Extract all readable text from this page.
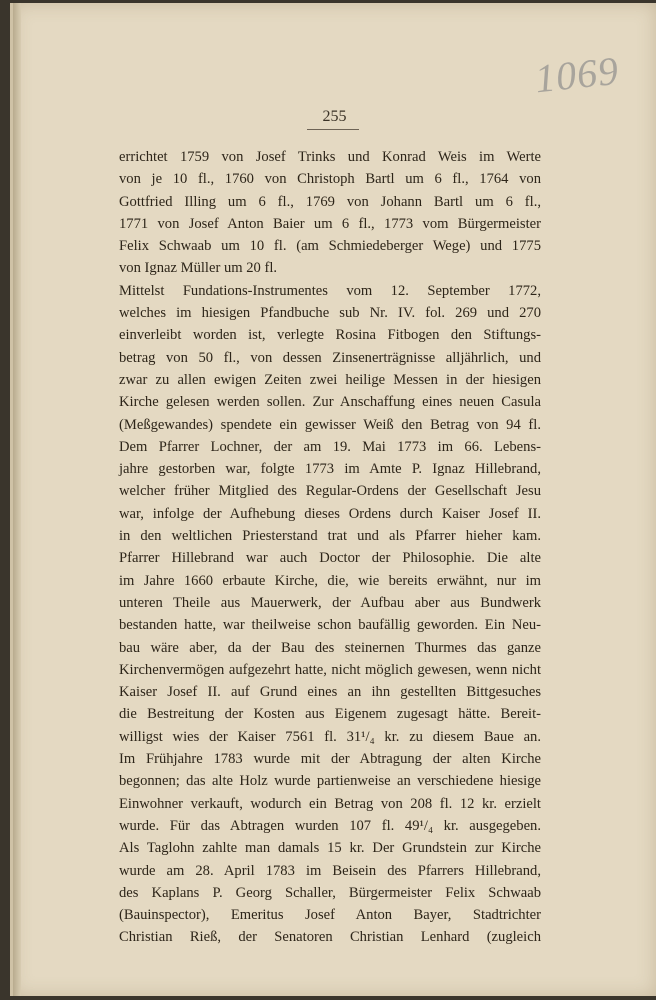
1069
255
errichtet 1759 von Josef Trinks und Konrad Weis im Werte
von je 10 fl., 1760 von Christoph Bartl um 6 fl., 1764 von
Gottfried Illing um 6 fl., 1769 von Johann Bartl um 6 fl.,
1771 von Josef Anton Baier um 6 fl., 1773 vom Bürgermeister
Felix Schwaab um 10 fl. (am Schmiedeberger Wege) und 1775
von Ignaz Müller um 20 fl.
Mittelst Fundations-Instrumentes vom 12. September 1772,
welches im hiesigen Pfandbuche sub Nr. IV. fol. 269 und 270
einverleibt worden ist, verlegte Rosina Fitbogen den Stiftungs-
betrag von 50 fl., von dessen Zinsenerträgnisse alljährlich, und
zwar zu allen ewigen Zeiten zwei heilige Messen in der hiesigen
Kirche gelesen werden sollen. Zur Anschaffung eines neuen Casula
(Meßgewandes) spendete ein gewisser Weiß den Betrag von 94 fl.
Dem Pfarrer Lochner, der am 19. Mai 1773 im 66. Lebens-
jahre gestorben war, folgte 1773 im Amte P. Ignaz Hillebrand,
welcher früher Mitglied des Regular-Ordens der Gesellschaft Jesu
war, infolge der Aufhebung dieses Ordens durch Kaiser Josef II.
in den weltlichen Priesterstand trat und als Pfarrer hieher kam.
Pfarrer Hillebrand war auch Doctor der Philosophie. Die alte
im Jahre 1660 erbaute Kirche, die, wie bereits erwähnt, nur im
unteren Theile aus Mauerwerk, der Aufbau aber aus Bundwerk
bestanden hatte, war theilweise schon baufällig geworden. Ein Neu-
bau wäre aber, da der Bau des steinernen Thurmes das ganze
Kirchenvermögen aufgezehrt hatte, nicht möglich gewesen, wenn nicht
Kaiser Josef II. auf Grund eines an ihn gestellten Bittgesuches
die Bestreitung der Kosten aus Eigenem zugesagt hätte. Bereit-
willigst wies der Kaiser 7561 fl. 31¹/₄ kr. zu diesem Baue an.
Im Frühjahre 1783 wurde mit der Abtragung der alten Kirche
begonnen; das alte Holz wurde partienweise an verschiedene hiesige
Einwohner verkauft, wodurch ein Betrag von 208 fl. 12 kr. erzielt
wurde. Für das Abtragen wurden 107 fl. 49¹/₄ kr. ausgegeben.
Als Taglohn zahlte man damals 15 kr. Der Grundstein zur Kirche
wurde am 28. April 1783 im Beisein des Pfarrers Hillebrand,
des Kaplans P. Georg Schaller, Bürgermeister Felix Schwaab
(Bauinspector), Emeritus Josef Anton Bayer, Stadtrichter
Christian Rieß, der Senatoren Christian Lenhard (zugleich
